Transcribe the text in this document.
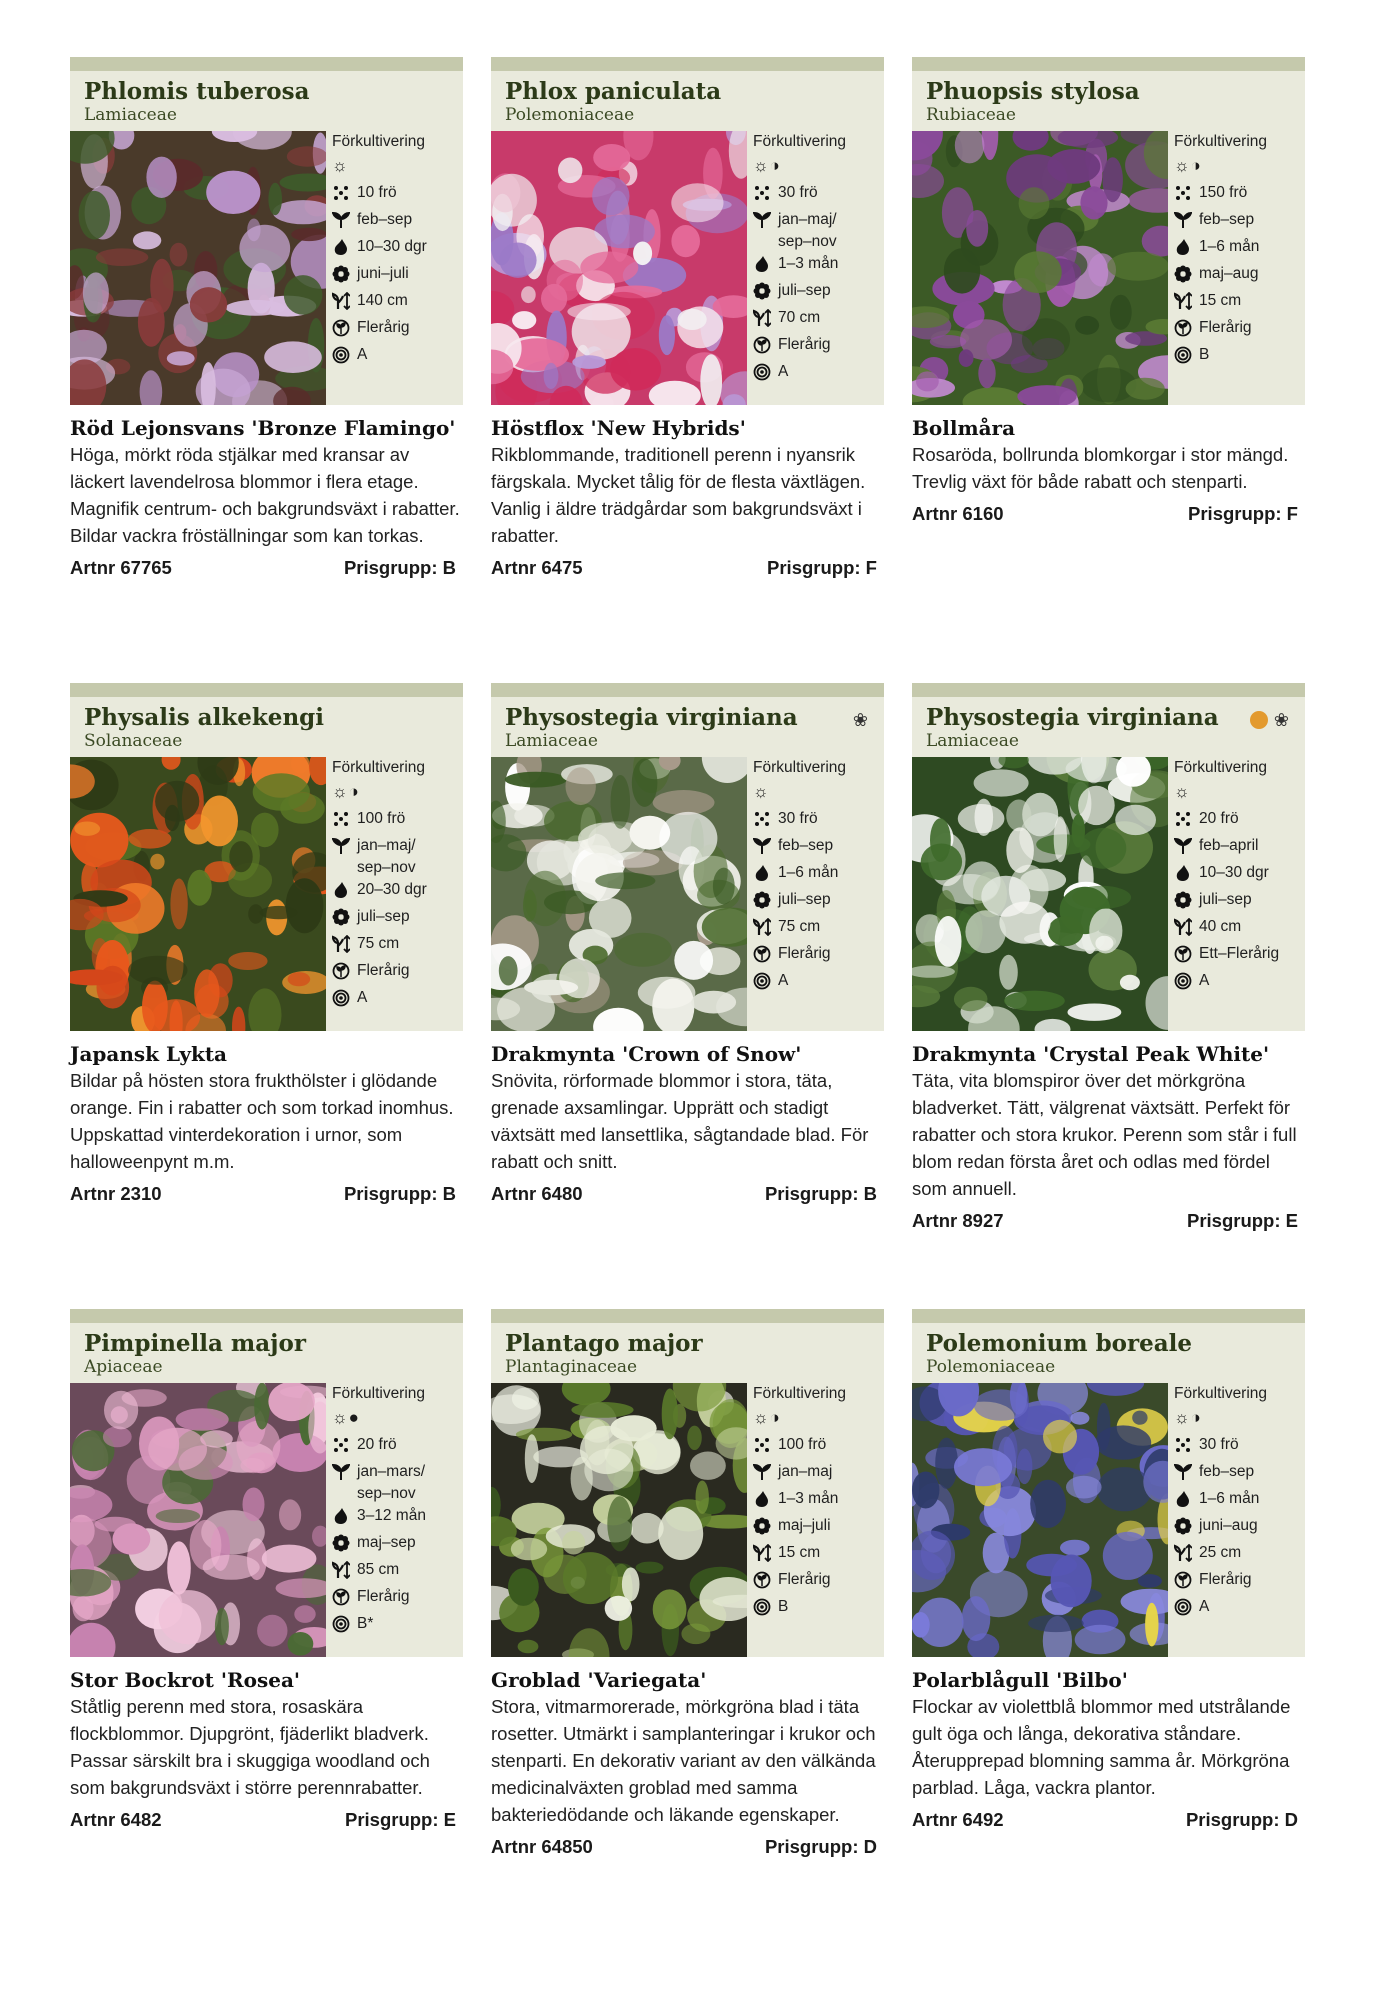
Phlomis tuberosa
Lamiaceae
Förkultivering
☼
10 frö
feb–sep
10–30 dgr
juni–juli
140 cm
Flerårig
A
Röd Lejonsvans 'Bronze Flamingo'
Höga, mörkt röda stjälkar med kransar av läckert lavendelrosa blommor i flera etage. Magnifik centrum- och bakgrundsväxt i rabatter. Bildar vackra fröställningar som kan torkas.
Artnr 67765	Prisgrupp: B
Phlox paniculata
Polemoniaceae
Förkultivering
☼◑
30 frö
jan–maj/
sep–nov
1–3 mån
juli–sep
70 cm
Flerårig
A
Höstflox 'New Hybrids'
Rikblommande, traditionell perenn i nyansrik färgskala. Mycket tålig för de flesta växtlägen. Vanlig i äldre trädgårdar som bakgrundsväxt i rabatter.
Artnr 6475	Prisgrupp: F
Phuopsis stylosa
Rubiaceae
Förkultivering
☼◑
150 frö
feb–sep
1–6 mån
maj–aug
15 cm
Flerårig
B
Bollmåra
Rosaröda, bollrunda blomkorgar i stor mängd. Trevlig växt för både rabatt och stenparti.
Artnr 6160	Prisgrupp: F
Physalis alkekengi
Solanaceae
Förkultivering
☼◑
100 frö
jan–maj/
sep–nov
20–30 dgr
juli–sep
75 cm
Flerårig
A
Japansk Lykta
Bildar på hösten stora frukthölster i glödande orange. Fin i rabatter och som torkad inomhus. Uppskattad vinterdekoration i urnor, som halloweenpynt m.m.
Artnr 2310	Prisgrupp: B
Physostegia virginiana
Lamiaceae
❀
Förkultivering
☼
30 frö
feb–sep
1–6 mån
juli–sep
75 cm
Flerårig
A
Drakmynta 'Crown of Snow'
Snövita, rörformade blommor i stora, täta, grenade axsamlingar. Upprätt och stadigt växtsätt med lansettlika, sågtandade blad. För rabatt och snitt.
Artnr 6480	Prisgrupp: B
Physostegia virginiana
Lamiaceae
❀
Förkultivering
☼
20 frö
feb–april
10–30 dgr
juli–sep
40 cm
Ett–Flerårig
A
Drakmynta 'Crystal Peak White'
Täta, vita blomspiror över det mörkgröna bladverket. Tätt, välgrenat växtsätt. Perfekt för rabatter och stora krukor. Perenn som står i full blom redan första året och odlas med fördel som annuell.
Artnr 8927	Prisgrupp: E
Pimpinella major
Apiaceae
Förkultivering
☼●
20 frö
jan–mars/
sep–nov
3–12 mån
maj–sep
85 cm
Flerårig
B*
Stor Bockrot 'Rosea'
Ståtlig perenn med stora, rosaskära flockblommor. Djupgrönt, fjäderlikt bladverk. Passar särskilt bra i skuggiga woodland och som bakgrundsväxt i större perennrabatter.
Artnr 6482	Prisgrupp: E
Plantago major
Plantaginaceae
Förkultivering
☼◑
100 frö
jan–maj
1–3 mån
maj–juli
15 cm
Flerårig
B
Groblad 'Variegata'
Stora, vitmarmorerade, mörkgröna blad i täta rosetter. Utmärkt i samplanteringar i krukor och stenparti. En dekorativ variant av den välkända medicinalväxten groblad med samma bakteriedödande och läkande egenskaper.
Artnr 64850	Prisgrupp: D
Polemonium boreale
Polemoniaceae
Förkultivering
☼◑
30 frö
feb–sep
1–6 mån
juni–aug
25 cm
Flerårig
A
Polarblågull 'Bilbo'
Flockar av violettblå blommor med utstrålande gult öga och långa, dekorativa ståndare. Återupprepad blomning samma år. Mörkgröna parblad. Låga, vackra plantor.
Artnr 6492	Prisgrupp: D
